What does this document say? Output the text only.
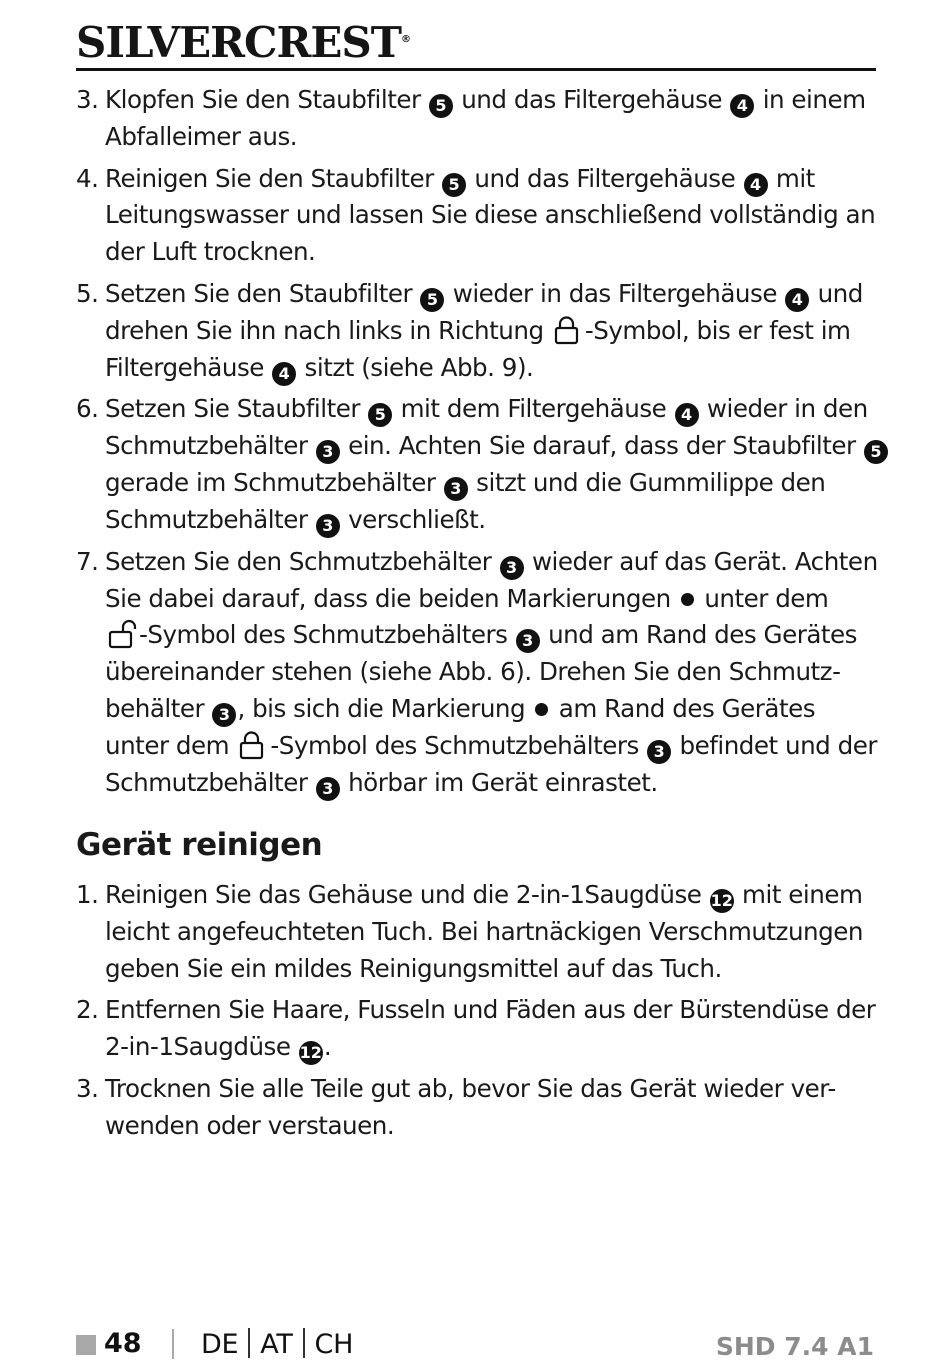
SILVERCREST®
3. Klopfen Sie den Staubfilter 5 und das Filtergehäuse 4 in einem
Abfalleimer aus.
4. Reinigen Sie den Staubfilter 5 und das Filtergehäuse 4 mit
Leitungswasser und lassen Sie diese anschließend vollständig an
der Luft trocknen.
5. Setzen Sie den Staubfilter 5 wieder in das Filtergehäuse 4 und
drehen Sie ihn nach links in Richtung -Symbol, bis er fest im
Filtergehäuse 4 sitzt (siehe Abb. 9).
6. Setzen Sie Staubfilter 5 mit dem Filtergehäuse 4 wieder in den
Schmutzbehälter 3 ein. Achten Sie darauf, dass der Staubfilter 5
gerade im Schmutzbehälter 3 sitzt und die Gummilippe den
Schmutzbehälter 3 verschließt.
7. Setzen Sie den Schmutzbehälter 3 wieder auf das Gerät. Achten
Sie dabei darauf, dass die beiden Markierungen  unter dem
-Symbol des Schmutzbehälters 3 und am Rand des Gerätes
übereinander stehen (siehe Abb. 6). Drehen Sie den Schmutz-
behälter 3 , bis sich die Markierung  am Rand des Gerätes
unter dem -Symbol des Schmutzbehälters 3 befindet und der
Schmutzbehälter 3 hörbar im Gerät einrastet.
Gerät reinigen
1. Reinigen Sie das Gehäuse und die 2-in-1Saugdüse 12 mit einem
leicht angefeuchteten Tuch. Bei hartnäckigen Verschmutzungen
geben Sie ein mildes Reinigungsmittel auf das Tuch.
2. Entfernen Sie Haare, Fusseln und Fäden aus der Bürstendüse der
2-in-1Saugdüse 12.
3. Trocknen Sie alle Teile gut ab, bevor Sie das Gerät wieder ver-
wenden oder verstauen.
48 DE AT CH	SHD 7.4 A1
